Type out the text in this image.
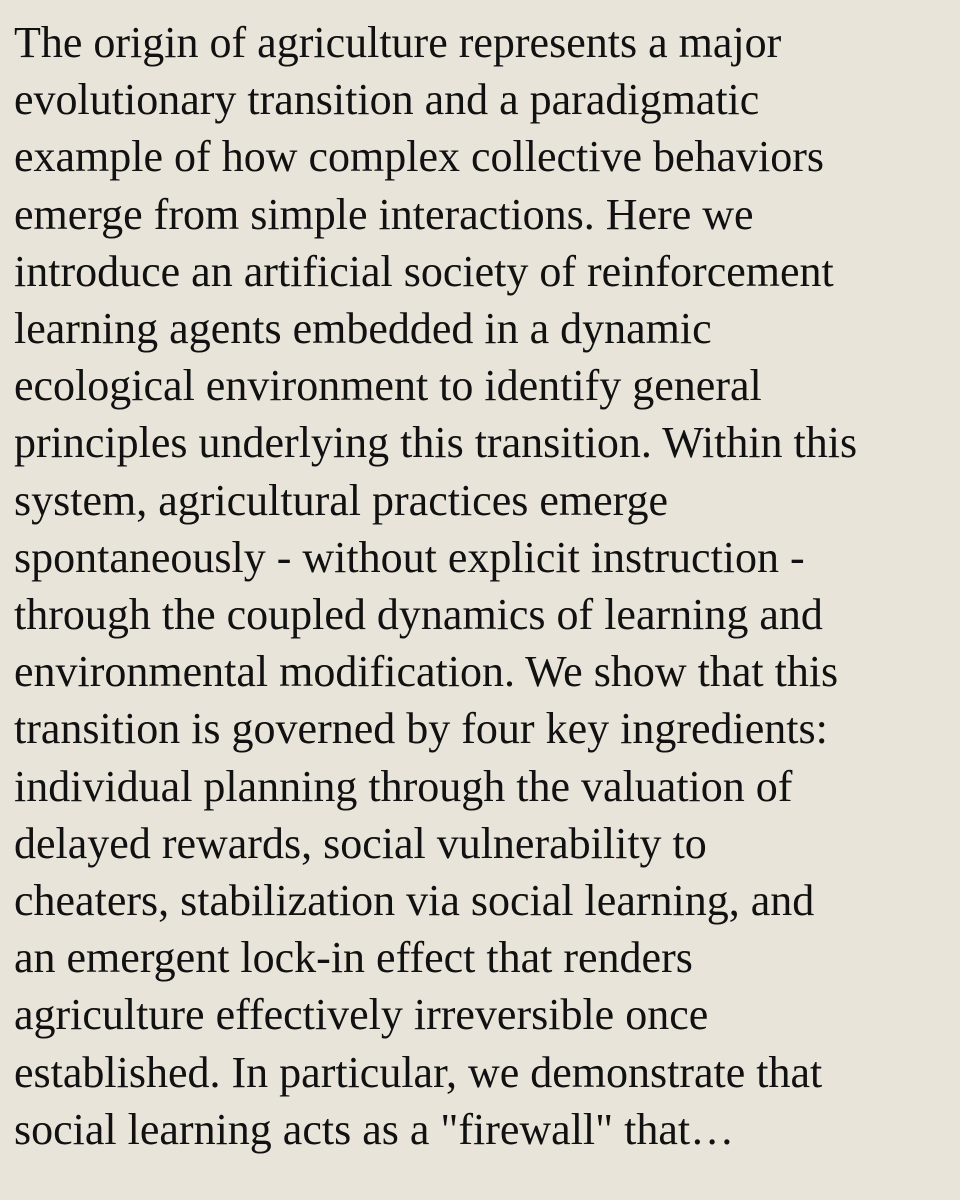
The origin of agriculture represents a major
evolutionary transition and a paradigmatic
example of how complex collective behaviors
emerge from simple interactions. Here we
introduce an artificial society of reinforcement
learning agents embedded in a dynamic
ecological environment to identify general
principles underlying this transition. Within this
system, agricultural practices emerge
spontaneously - without explicit instruction -
through the coupled dynamics of learning and
environmental modification. We show that this
transition is governed by four key ingredients:
individual planning through the valuation of
delayed rewards, social vulnerability to
cheaters, stabilization via social learning, and
an emergent lock-in effect that renders
agriculture effectively irreversible once
established. In particular, we demonstrate that
social learning acts as a "firewall" that…
